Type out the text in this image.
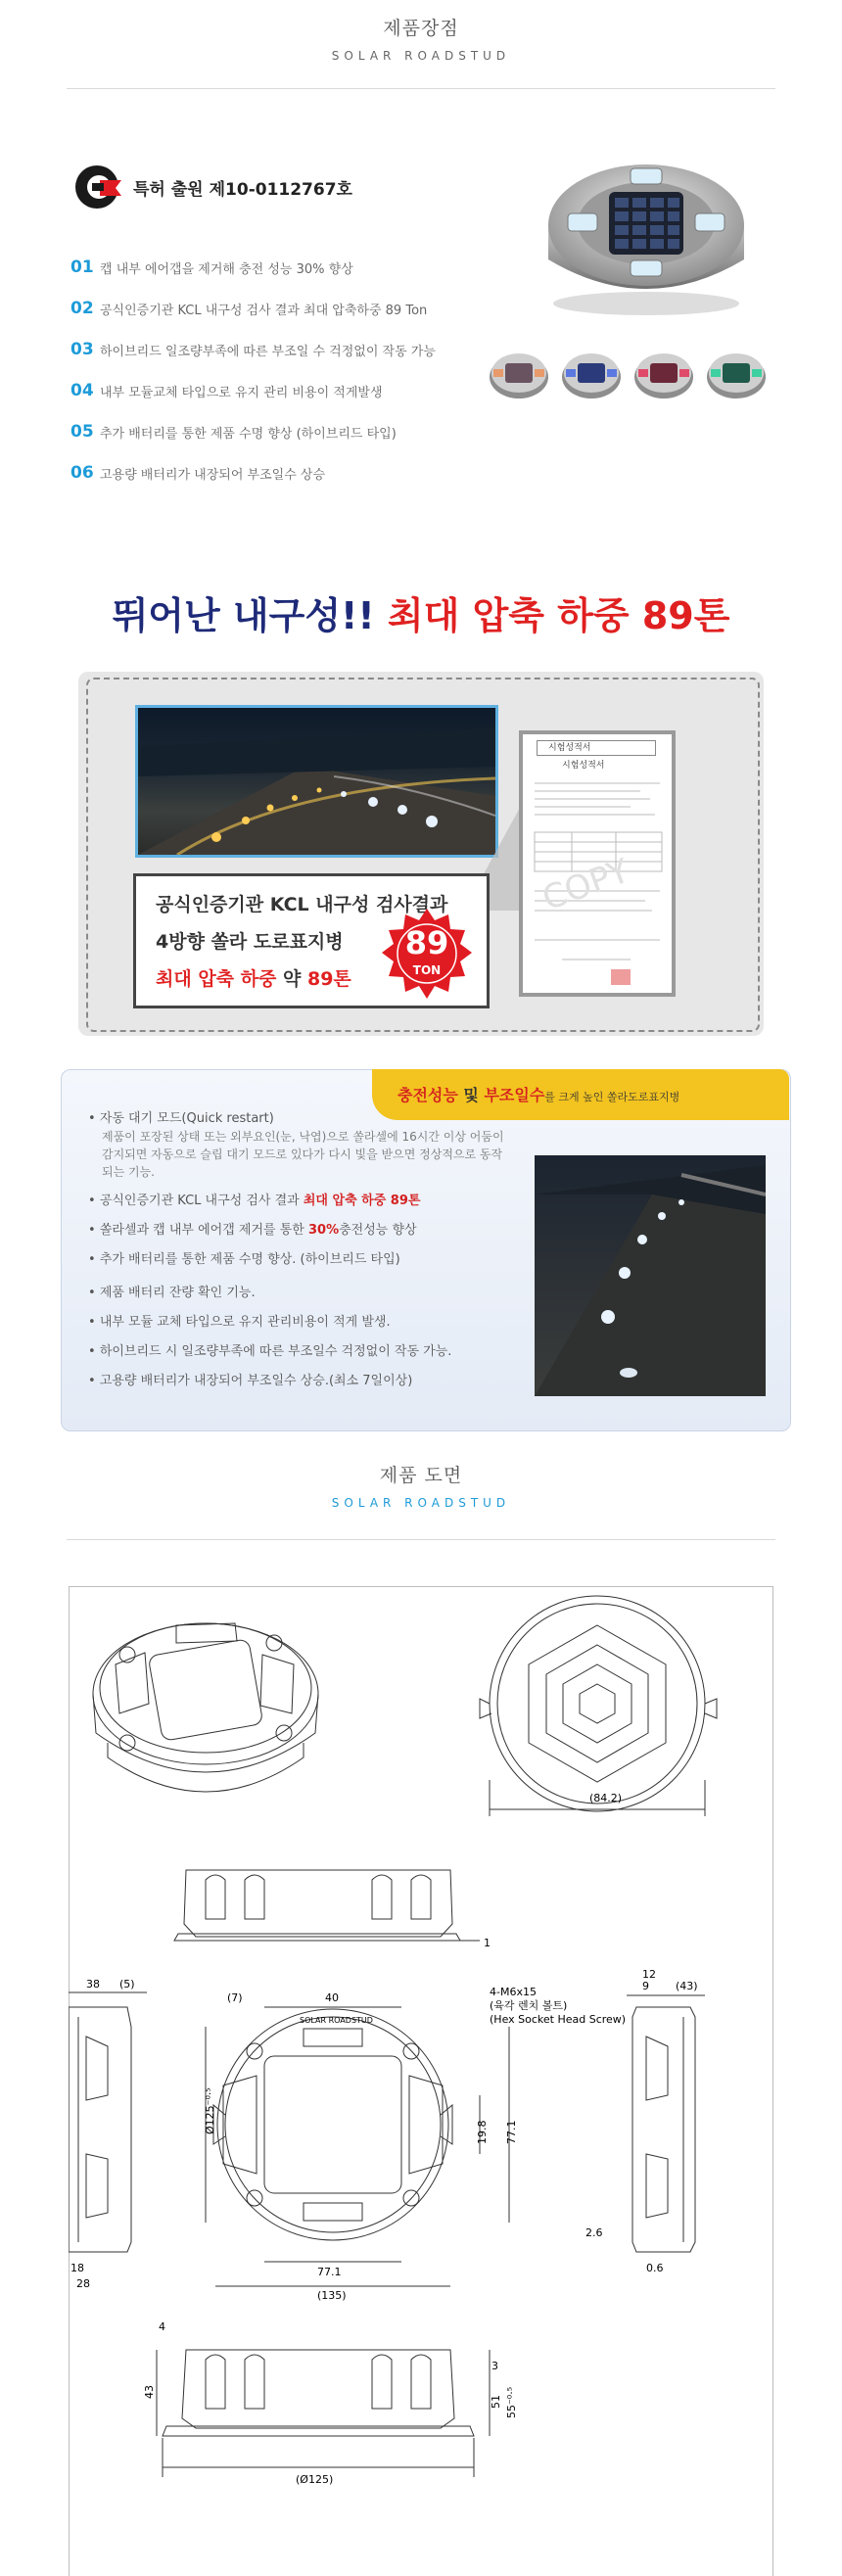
제품장점
SOLAR ROADSTUD
특허 출원 제10-0112767호
01 캡 내부 에어갭을 제거해 충전 성능 30% 향상
02 공식인증기관 KCL 내구성 검사 결과 최대 압축하중 89 Ton
03 하이브리드 일조량부족에 따른 부조일 수 걱정없이 작동 가능
04 내부 모듈교체 타입으로 유지 관리 비용이 적게발생
05 추가 배터리를 통한 제품 수명 향상 (하이브리드 타입)
06 고용량 배터리가 내장되어 부조일수 상승
뛰어난 내구성!! 최대 압축 하중 89톤
공식인증기관 KCL 내구성 검사결과
4방향 쏠라 도로표지병
최대 압축 하중 약 89톤
89
TON
시험성적서
시험성적서
COPY
충전성능 및 부조일수를 크게 높인 쏠라도로표지병
• 자동 대기 모드(Quick restart)
제품이 포장된 상태 또는 외부요인(눈, 낙엽)으로 쏠라셀에 16시간 이상 어둠이 감지되면 자동으로 슬립 대기 모드로 있다가 다시 빛을 받으면 정상적으로 동작 되는 기능.
• 공식인증기관 KCL 내구성 검사 결과 최대 압축 하중 89톤
• 쏠라셀과 캡 내부 에어갭 제거를 통한 30%충전성능 향상
• 추가 배터리를 통한 제품 수명 향상. (하이브리드 타입)
• 제품 배터리 잔량 확인 기능.
• 내부 모듈 교체 타입으로 유지 관리비용이 적게 발생.
• 하이브리드 시 일조량부족에 따른 부조일수 걱정없이 작동 가능.
• 고용량 배터리가 내장되어 부조일수 상승.(최소 7일이상)
제품 도면
SOLAR ROADSTUD
(84.2)
1
38 (5)
(7)	40	4-M6x15
(육각 렌치 볼트)
(Hex Socket Head Screw)
12
9 (43)
Ø125⁻⁰·⁵	19.8 77.1
2.6
18
28
77.1
(135)
0.6
4
3
43
51 55⁻⁰·⁵
(Ø125)
SOLAR ROADSTUD
